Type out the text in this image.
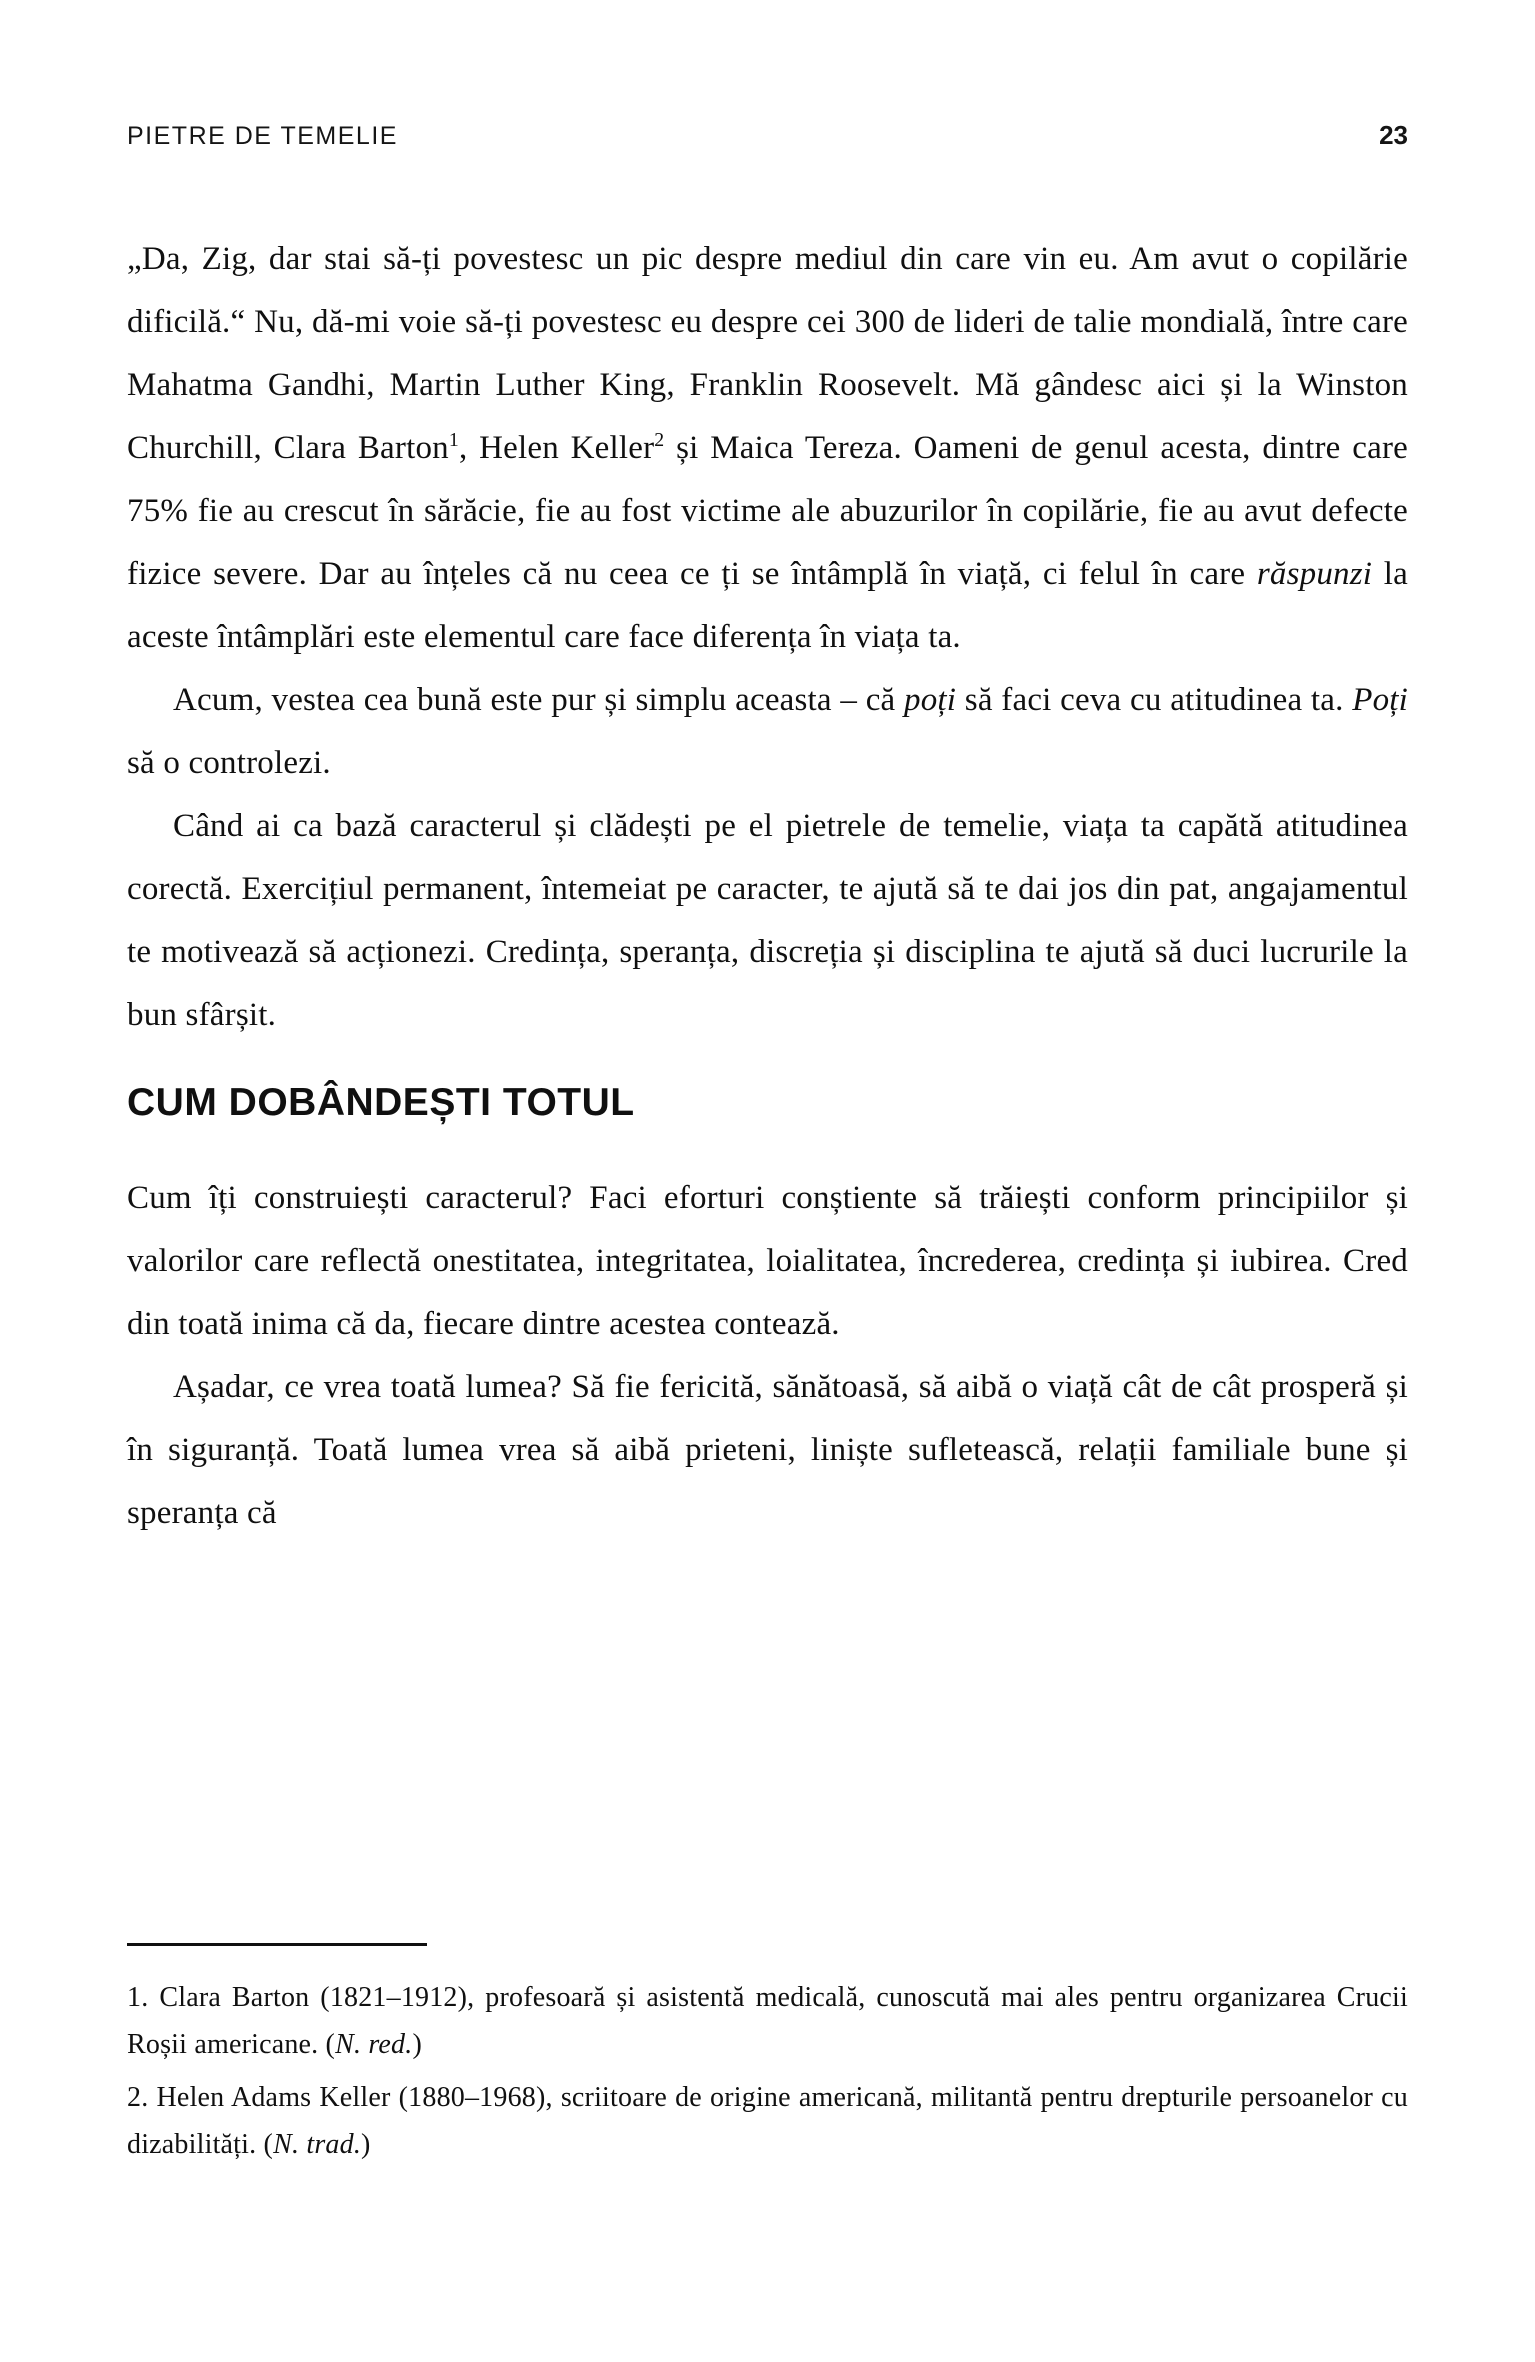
PIETRE DE TEMELIE	23

„Da, Zig, dar stai să-ți povestesc un pic despre mediul din care vin eu. Am avut o copilărie dificilă.“ Nu, dă-mi voie să-ți povestesc eu despre cei 300 de lideri de talie mondială, între care Mahatma Gandhi, Martin Luther King, Franklin Roosevelt. Mă gândesc aici și la Winston Churchill, Clara Barton$^1$, Helen Keller$^2$ și Maica Tereza. Oameni de genul acesta, dintre care 75% fie au crescut în sărăcie, fie au fost victime ale abuzurilor în copilărie, fie au avut defecte fizice severe. Dar au înțeles că nu ceea ce ți se întâmplă în viață, ci felul în care răspunzi la aceste întâmplări este elementul care face diferența în viața ta.

Acum, vestea cea bună este pur și simplu aceasta – că poți să faci ceva cu atitudinea ta. Poți să o controlezi.

Când ai ca bază caracterul și clădești pe el pietrele de temelie, viața ta capătă atitudinea corectă. Exercițiul permanent, întemeiat pe caracter, te ajută să te dai jos din pat, angajamentul te motivează să acționezi. Credința, speranța, discreția și disciplina te ajută să duci lucrurile la bun sfârșit.

CUM DOBÂNDEȘTI TOTUL

Cum îți construiești caracterul? Faci eforturi conștiente să trăiești conform principiilor și valorilor care reflectă onestitatea, integritatea, loialitatea, încrederea, credința și iubirea. Cred din toată inima că da, fiecare dintre acestea contează.

Așadar, ce vrea toată lumea? Să fie fericită, sănătoasă, să aibă o viață cât de cât prosperă și în siguranță. Toată lumea vrea să aibă prieteni, liniște sufletească, relații familiale bune și speranța că

1. Clara Barton (1821–1912), profesoară și asistentă medicală, cunoscută mai ales pentru organizarea Crucii Roșii americane. (N. red.)

2. Helen Adams Keller (1880–1968), scriitoare de origine americană, militantă pentru drepturile persoanelor cu dizabilități. (N. trad.)
